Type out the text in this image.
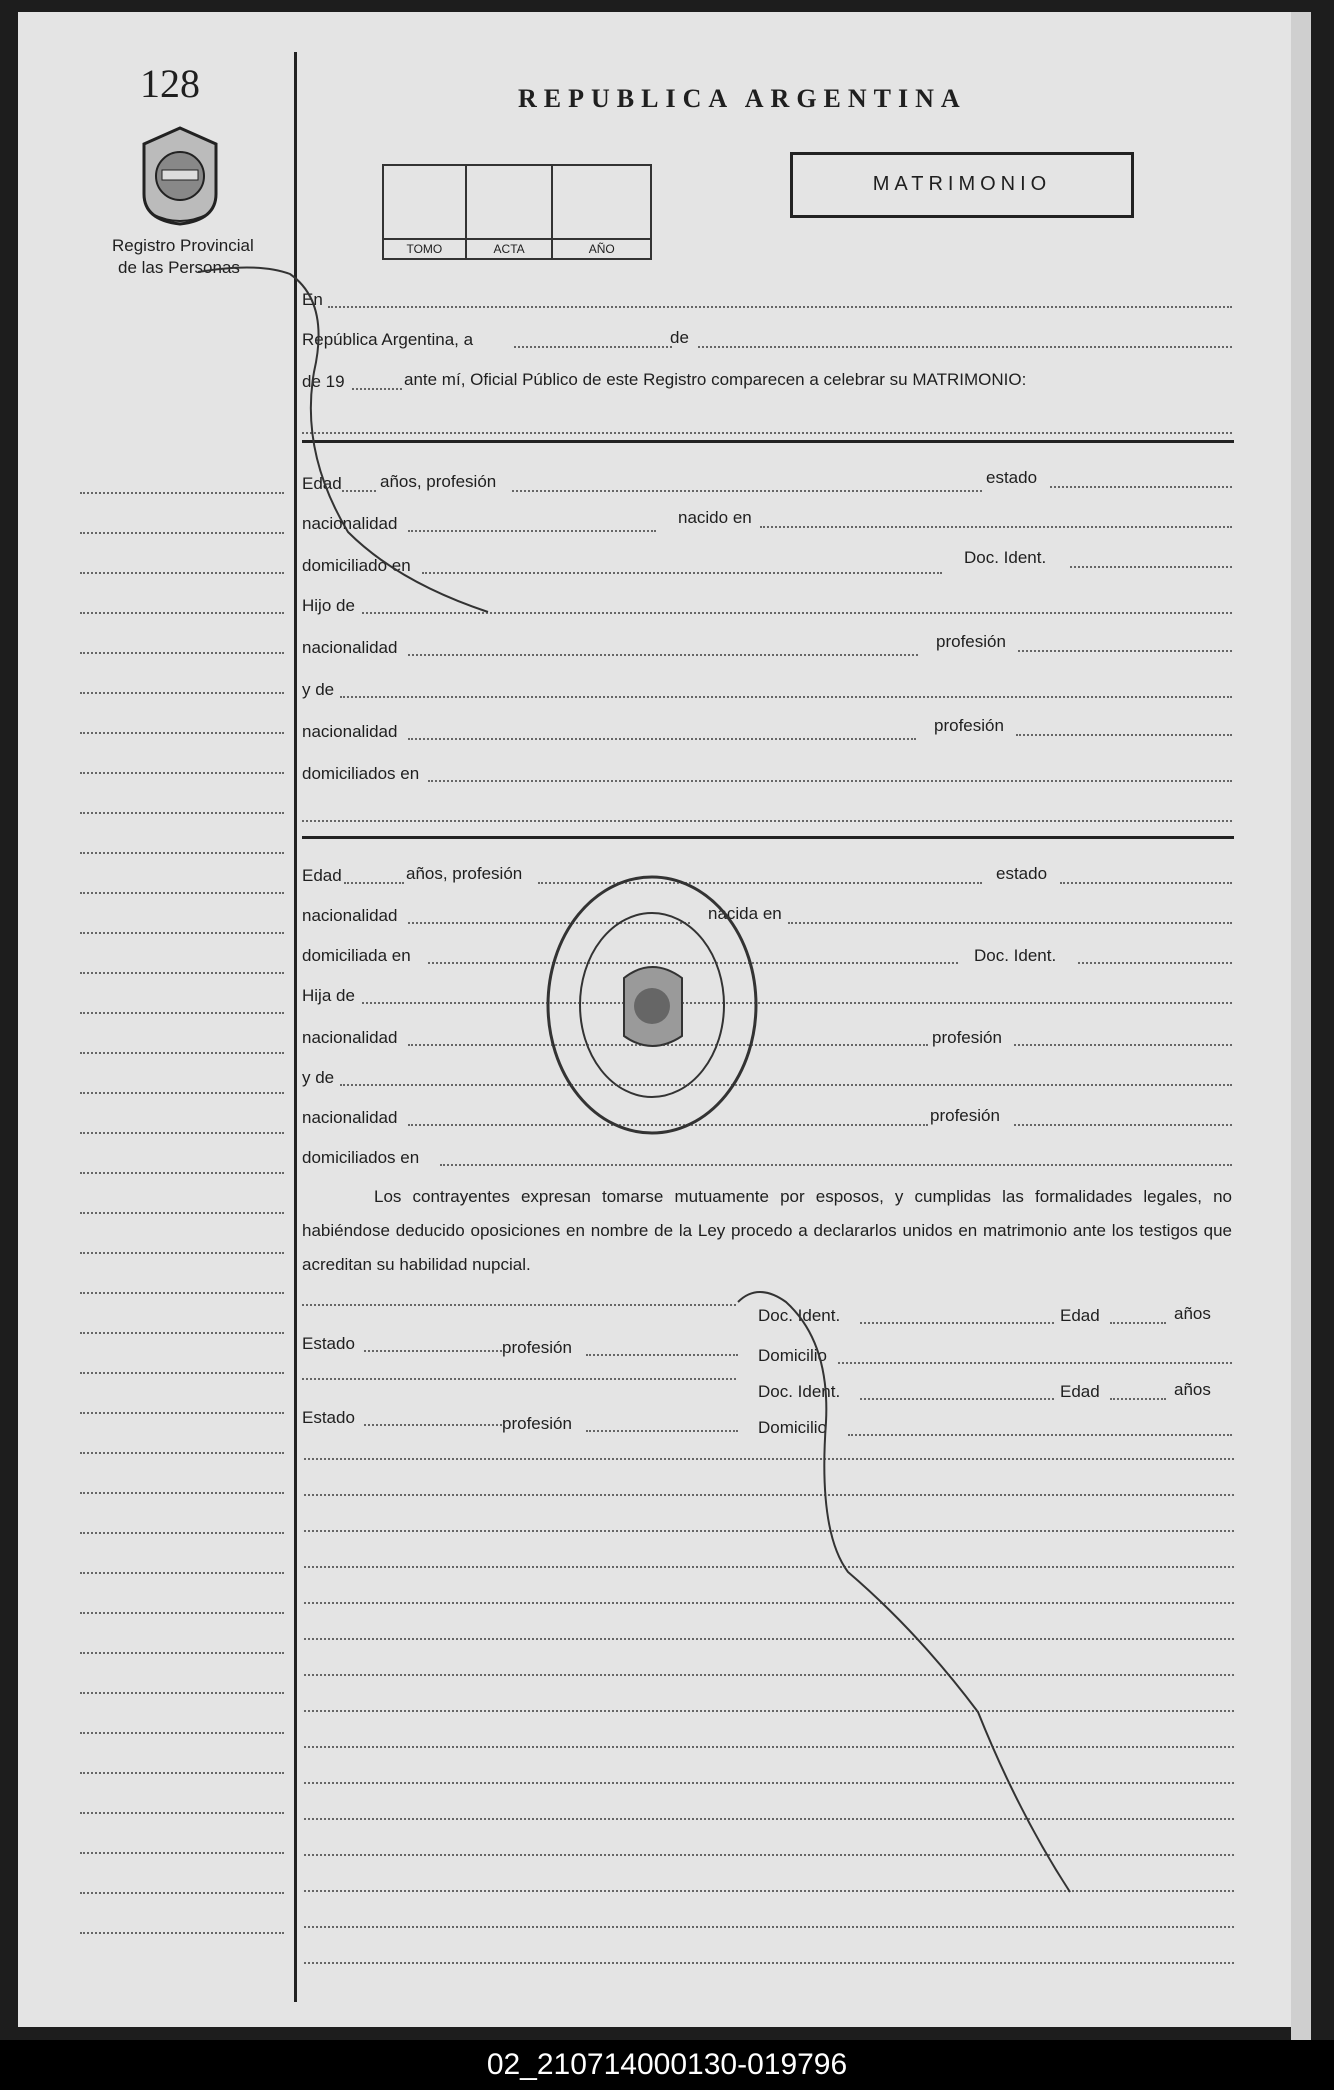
128
Registro Provincial
de las Personas
REPUBLICA ARGENTINA
TOMO	ACTA	AÑO
MATRIMONIO
En
República Argentina, a	de
de 19	ante mí, Oficial Público de este Registro comparecen a celebrar su MATRIMONIO:
Edad años, profesión	estado
nacionalidad	nacido en
domiciliado en	Doc. Ident.
Hijo de
nacionalidad	profesión
y de
nacionalidad	profesión
domiciliados en
Edad	años, profesión	estado
nacionalidad	nacida en
domiciliada en	Doc. Ident.
Hija de
nacionalidad	profesión
y de
nacionalidad	profesión
domiciliados en
Los contrayentes expresan tomarse mutuamente por esposos, y cumplidas las formalidades legales, no habiéndose deducido oposiciones en nombre de la Ley procedo a declararlos unidos en matrimonio ante los testigos que acreditan su habilidad nupcial.
Doc. Ident.	Edad	años
Estado	profesión	Domicilio
Doc. Ident.	Edad	años
Estado	profesión	Domicilio
02_210714000130-019796
